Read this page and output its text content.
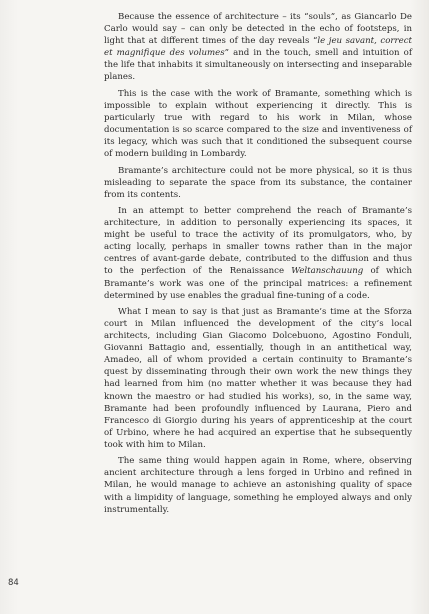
Because the essence of architecture – its “souls”, as Giancarlo De Carlo would say – can only be detected in the echo of footsteps, in light that at different times of the day reveals “le jeu savant, correct et magnifique des volumes” and in the touch, smell and intuition of the life that inhabits it simultaneously on intersecting and inseparable planes.

This is the case with the work of Bramante, something which is impossible to explain without experiencing it directly. This is particularly true with regard to his work in Milan, whose documentation is so scarce compared to the size and inventiveness of its legacy, which was such that it conditioned the subsequent course of modern building in Lombardy.

Bramante’s architecture could not be more physical, so it is thus misleading to separate the space from its substance, the container from its contents.

In an attempt to better comprehend the reach of Bramante’s architecture, in addition to personally experiencing its spaces, it might be useful to trace the activity of its promulgators, who, by acting locally, perhaps in smaller towns rather than in the major centres of avant-garde debate, contributed to the diffusion and thus to the perfection of the Renaissance Weltanschauung of which Bramante’s work was one of the principal matrices: a refinement determined by use enables the gradual fine-tuning of a code.

What I mean to say is that just as Bramante’s time at the Sforza court in Milan influenced the development of the city’s local architects, including Gian Giacomo Dolcebuono, Agostino Fonduli, Giovanni Battagio and, essentially, though in an antithetical way, Amadeo, all of whom provided a certain continuity to Bramante’s quest by disseminating through their own work the new things they had learned from him (no matter whether it was because they had known the maestro or had studied his works), so, in the same way, Bramante had been profoundly influenced by Laurana, Piero and Francesco di Giorgio during his years of apprenticeship at the court of Urbino, where he had acquired an expertise that he subsequently took with him to Milan.

The same thing would happen again in Rome, where, observing ancient architecture through a lens forged in Urbino and refined in Milan, he would manage to achieve an astonishing quality of space with a limpidity of language, something he employed always and only instrumentally.

84
